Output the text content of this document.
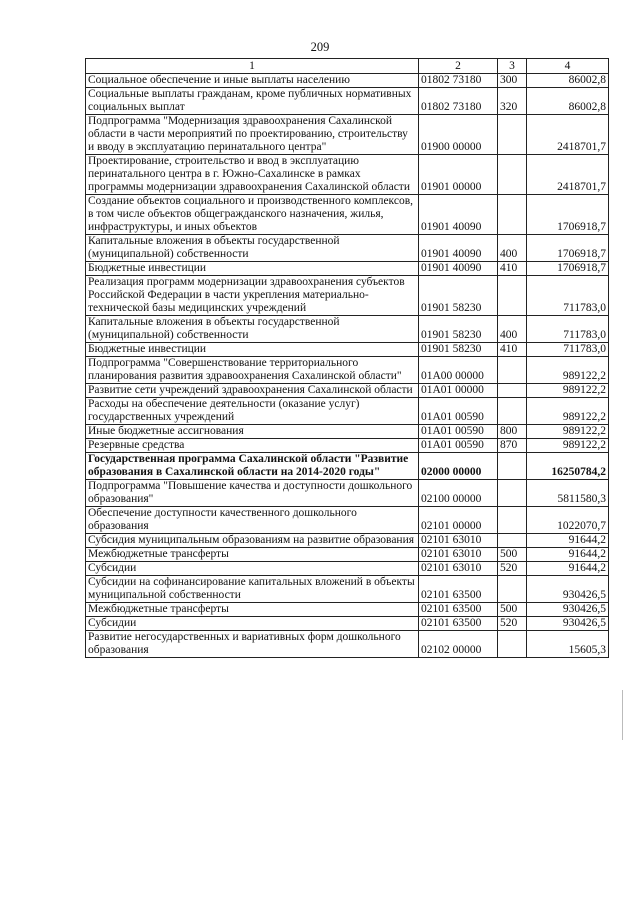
209
1	2	3	4
Социальное обеспечение и иные выплаты населению	01802 73180	300	86002,8
Социальные выплаты гражданам, кроме публичных нормативных социальных выплат	01802 73180	320	86002,8
Подпрограмма "Модернизация здравоохранения Сахалинской области в части мероприятий по проектированию, строительству и вводу в эксплуатацию перинатального центра"	01900 00000		2418701,7
Проектирование, строительство и ввод в эксплуатацию перинатального центра в г. Южно-Сахалинске в рамках программы модернизации здравоохранения Сахалинской области	01901 00000		2418701,7
Создание объектов социального и производственного комплексов, в том числе объектов общегражданского назначения, жилья, инфраструктуры, и иных объектов	01901 40090		1706918,7
Капитальные вложения в объекты государственной (муниципальной) собственности	01901 40090	400	1706918,7
Бюджетные инвестиции	01901 40090	410	1706918,7
Реализация программ модернизации здравоохранения субъектов Российской Федерации в части укрепления материально-технической базы медицинских учреждений	01901 58230		711783,0
Капитальные вложения в объекты государственной (муниципальной) собственности	01901 58230	400	711783,0
Бюджетные инвестиции	01901 58230	410	711783,0
Подпрограмма "Совершенствование территориального планирования развития здравоохранения Сахалинской области"	01А00 00000		989122,2
Развитие сети учреждений здравоохранения Сахалинской области	01А01 00000		989122,2
Расходы на обеспечение деятельности (оказание услуг) государственных учреждений	01А01 00590		989122,2
Иные бюджетные ассигнования	01А01 00590	800	989122,2
Резервные средства	01А01 00590	870	989122,2
Государственная программа Сахалинской области "Развитие образования в Сахалинской области на 2014-2020 годы"	02000 00000		16250784,2
Подпрограмма "Повышение качества и доступности дошкольного образования"	02100 00000		5811580,3
Обеспечение доступности качественного дошкольного образования	02101 00000		1022070,7
Субсидия муниципальным образованиям на развитие образования	02101 63010		91644,2
Межбюджетные трансферты	02101 63010	500	91644,2
Субсидии	02101 63010	520	91644,2
Субсидии на софинансирование капитальных вложений в объекты муниципальной собственности	02101 63500		930426,5
Межбюджетные трансферты	02101 63500	500	930426,5
Субсидии	02101 63500	520	930426,5
Развитие негосударственных и вариативных форм дошкольного образования	02102 00000		15605,3
